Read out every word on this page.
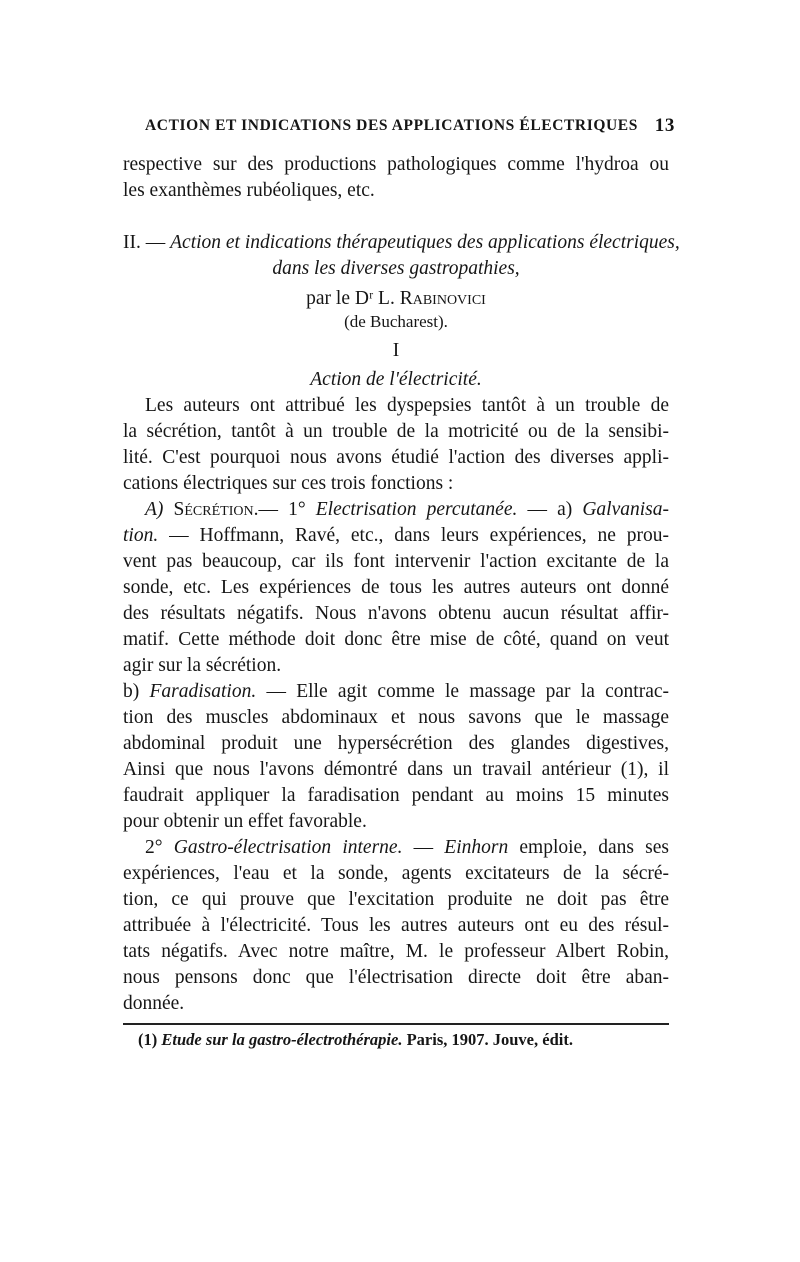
ACTION ET INDICATIONS DES APPLICATIONS ÉLECTRIQUES 13
respective sur des productions pathologiques comme l'hydroa ou
les exanthèmes rubéoliques, etc.
II. — Action et indications thérapeutiques des applications électriques,
dans les diverses gastropathies,
par le Dʳ L. Rabinovici
(de Bucharest).
I
Action de l'électricité.
Les auteurs ont attribué les dyspepsies tantôt à un trouble de
la sécrétion, tantôt à un trouble de la motricité ou de la sensibi-
lité. C'est pourquoi nous avons étudié l'action des diverses appli-
cations électriques sur ces trois fonctions :
A) Sécrétion.— 1° Electrisation percutanée. — a) Galvanisa-
tion. — Hoffmann, Ravé, etc., dans leurs expériences, ne prou-
vent pas beaucoup, car ils font intervenir l'action excitante de la
sonde, etc. Les expériences de tous les autres auteurs ont donné
des résultats négatifs. Nous n'avons obtenu aucun résultat affir-
matif. Cette méthode doit donc être mise de côté, quand on veut
agir sur la sécrétion.
b) Faradisation. — Elle agit comme le massage par la contrac-
tion des muscles abdominaux et nous savons que le massage
abdominal produit une hypersécrétion des glandes digestives,
Ainsi que nous l'avons démontré dans un travail antérieur (1), il
faudrait appliquer la faradisation pendant au moins 15 minutes
pour obtenir un effet favorable.
2° Gastro-électrisation interne. — Einhorn emploie, dans ses
expériences, l'eau et la sonde, agents excitateurs de la sécré-
tion, ce qui prouve que l'excitation produite ne doit pas être
attribuée à l'électricité. Tous les autres auteurs ont eu des résul-
tats négatifs. Avec notre maître, M. le professeur Albert Robin,
nous pensons donc que l'électrisation directe doit être aban-
donnée.
(1) Etude sur la gastro-électrothérapie. Paris, 1907. Jouve, édit.
